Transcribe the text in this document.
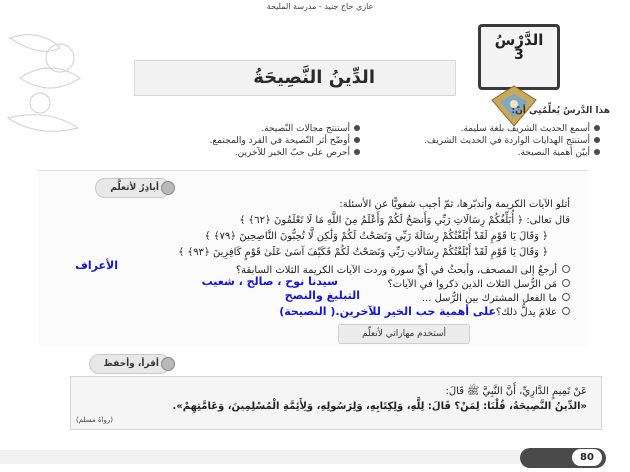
عازي حاج جنيد - مدرسة المليحة
الدِّينُ النَّصِيحَةُ
الدَّرْسُ
3
هذا الدَّرسُ يُعلِّمُنِي أنْ:
أسمع الحديث الشريف بلغة سليمة.
أستنتج الهدايات الواردة في الحديث الشريف.
أبيّن أهمية النصيحة.
أستنتج مجالات النّصيحة.
أوضّح أثر النّصيحة في الفرد والمجتمع.
أحرص على حبّ الخير للآخرين.
أتلو الآيات الكريمة وأتدبّرها، ثمّ أجيب شفويًّا عن الأسئلة:
قال تعالى: ﴿ أُبَلِّغُكُمْ رِسَالَاتِ رَبِّي وَأَنصَحُ لَكُمْ وَأَعْلَمُ مِنَ اللَّهِ مَا لَا تَعْلَمُونَ ﴿٦٢﴾ ﴾
﴿ وَقَالَ يَا قَوْمِ لَقَدْ أَبْلَغْتُكُمْ رِسَالَةَ رَبِّي وَنَصَحْتُ لَكُمْ وَلَٰكِن لَّا تُحِبُّونَ النَّاصِحِينَ ﴿٧٩﴾ ﴾
﴿ وَقَالَ يَا قَوْمِ لَقَدْ أَبْلَغْتُكُمْ رِسَالَاتِ رَبِّي وَنَصَحْتُ لَكُمْ فَكَيْفَ آسَىٰ عَلَىٰ قَوْمٍ كَافِرِينَ ﴿٩٣﴾ ﴾
أرجعُ إلى المصحف، وأبحثُ في أيِّ سورة وردت الآيات الكريمة الثلاث السابقة؟
الأعراف
مَن الرُّسل الثلاث الذين ذكروا في الآيات؟
سيدنا نوح ، صالح ، شعيب
ما الفعل المشترك بين الرُّسل ...
التبليغ والنصح
علامَ يدلُّ ذلك؟
على أهمية حب الخير للآخرين.( النصيحة)
أبادِرُ لأتعلَّم
أستخدم مهاراتي لأتعلّم
أقرأ، وأحفظ
عَنْ تَمِيمٍ الدَّارِيِّ، أَنَّ النَّبِيَّ ﷺ قَالَ:
«الدِّينُ النَّصِيحَةُ، قُلْنَا: لِمَنْ؟ قَالَ: لِلَّهِ، وَلِكِتَابِهِ، وَلِرَسُولِهِ، وَلِأَئِمَّةِ الْمُسْلِمِينَ، وَعَامَّتِهِمْ».
(رواهُ مسلم)
80
